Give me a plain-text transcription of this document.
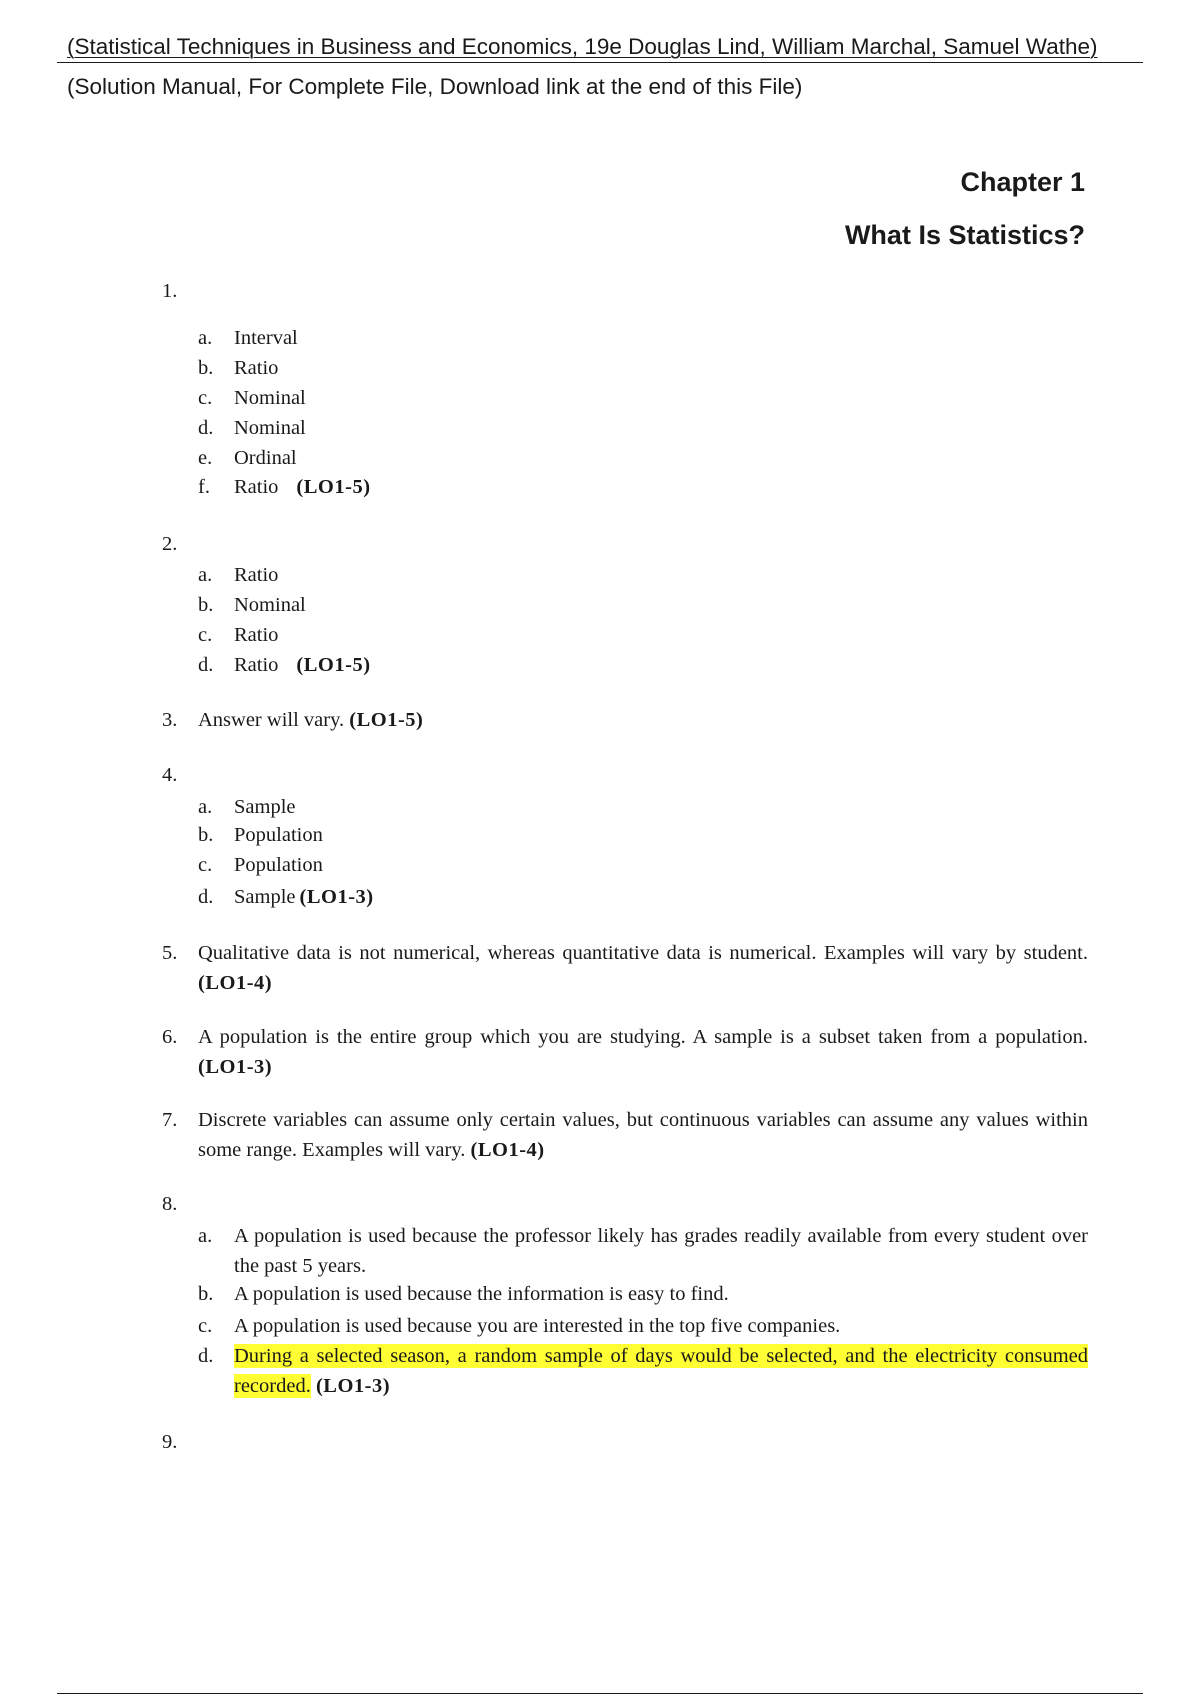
(Statistical Techniques in Business and Economics, 19e Douglas Lind, William Marchal, Samuel Wathe)
(Solution Manual, For Complete File, Download link at the end of this File)
Chapter 1
What Is Statistics?
1.
a. Interval
b. Ratio
c. Nominal
d. Nominal
e. Ordinal
f. Ratio (LO1-5)
2.
a. Ratio
b. Nominal
c. Ratio
d. Ratio (LO1-5)
3. Answer will vary. (LO1-5)
4.
a. Sample
b. Population
c. Population
d. Sample (LO1-3)
5. Qualitative data is not numerical, whereas quantitative data is numerical. Examples will vary by student. (LO1-4)
6. A population is the entire group which you are studying. A sample is a subset taken from a population. (LO1-3)
7. Discrete variables can assume only certain values, but continuous variables can assume any values within some range. Examples will vary. (LO1-4)
8.
a. A population is used because the professor likely has grades readily available from every student over the past 5 years.
b. A population is used because the information is easy to find.
c. A population is used because you are interested in the top five companies.
d. During a selected season, a random sample of days would be selected, and the electricity consumed recorded. (LO1-3)
9.
